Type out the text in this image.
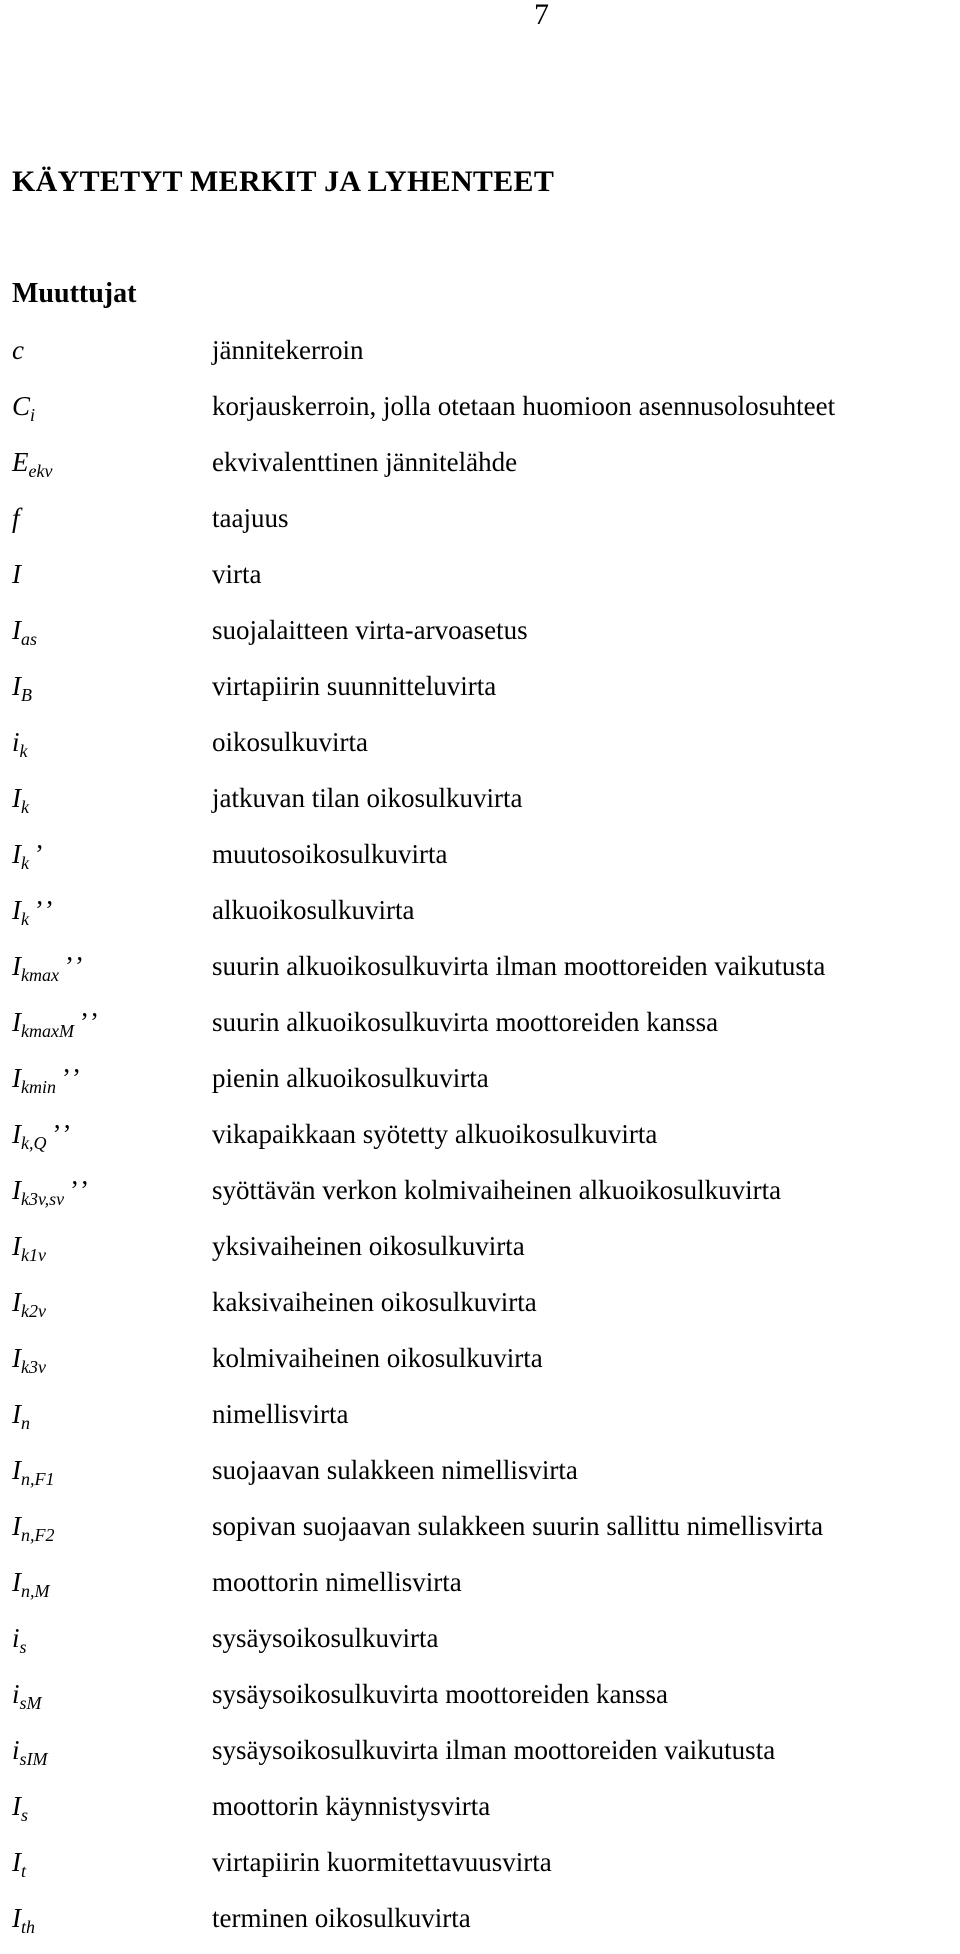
7
KÄYTETYT MERKIT JA LYHENTEET
Muuttujat
c	jännitekerroin
$C_i$	korjauskerroin, jolla otetaan huomioon asennusolosuhteet
$E_{ekv}$	ekvivalenttinen jännitelähde
f	taajuus
I	virta
$I_{as}$	suojalaitteen virta-arvoasetus
$I_B$	virtapiirin suunnitteluvirta
$i_k$	oikosulkuvirta
$I_k$	jatkuvan tilan oikosulkuvirta
$I_k$ ’	muutosoikosulkuvirta
$I_k$ ’’	alkuoikosulkuvirta
$I_{kmax}$ ’’	suurin alkuoikosulkuvirta ilman moottoreiden vaikutusta
$I_{kmaxM}$ ’’	suurin alkuoikosulkuvirta moottoreiden kanssa
$I_{kmin}$ ’’	pienin alkuoikosulkuvirta
$I_{k,Q}$ ’’	vikapaikkaan syötetty alkuoikosulkuvirta
$I_{k3v,sv}$ ’’	syöttävän verkon kolmivaiheinen alkuoikosulkuvirta
$I_{k1v}$	yksivaiheinen oikosulkuvirta
$I_{k2v}$	kaksivaiheinen oikosulkuvirta
$I_{k3v}$	kolmivaiheinen oikosulkuvirta
$I_n$	nimellisvirta
$I_{n,F1}$	suojaavan sulakkeen nimellisvirta
$I_{n,F2}$	sopivan suojaavan sulakkeen suurin sallittu nimellisvirta
$I_{n,M}$	moottorin nimellisvirta
$i_s$	sysäysoikosulkuvirta
$i_{sM}$	sysäysoikosulkuvirta moottoreiden kanssa
$i_{sIM}$	sysäysoikosulkuvirta ilman moottoreiden vaikutusta
$I_s$	moottorin käynnistysvirta
$I_t$	virtapiirin kuormitettavuusvirta
$I_{th}$	terminen oikosulkuvirta
